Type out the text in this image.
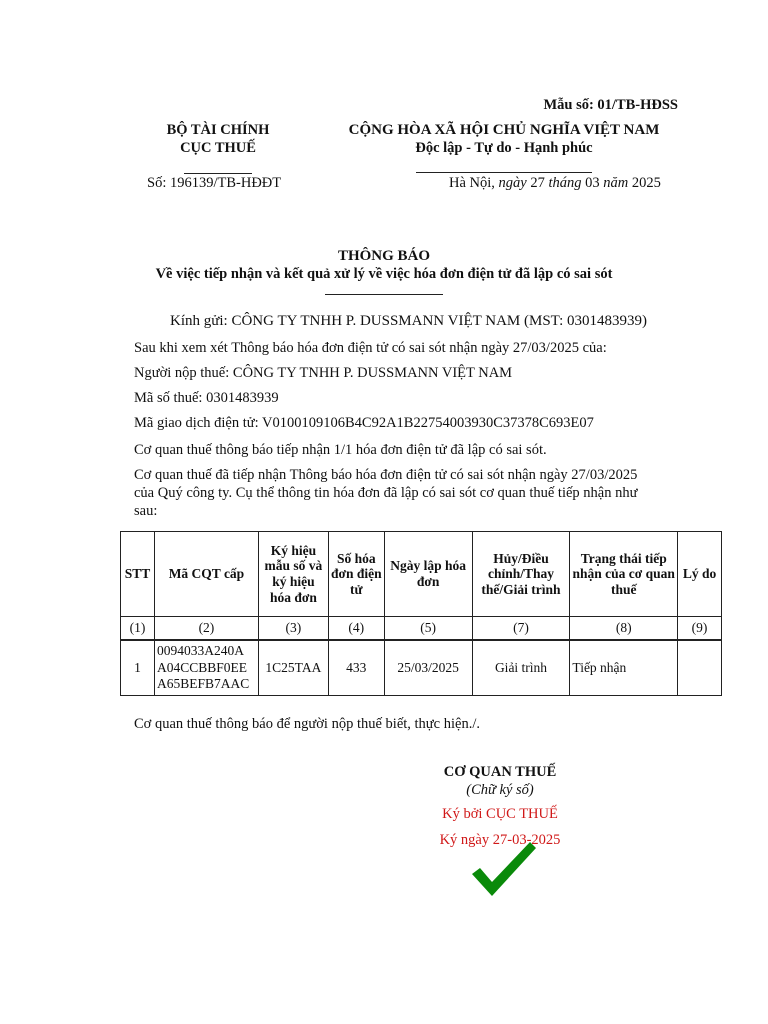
Mẫu số: 01/TB-HĐSS
BỘ TÀI CHÍNH
CỤC THUẾ
CỘNG HÒA XÃ HỘI CHỦ NGHĨA VIỆT NAM
Độc lập - Tự do - Hạnh phúc
Số: 196139/TB-HĐĐT	Hà Nội, ngày 27 tháng 03 năm 2025
THÔNG BÁO
Về việc tiếp nhận và kết quả xử lý về việc hóa đơn điện tử đã lập có sai sót
Kính gửi: CÔNG TY TNHH P. DUSSMANN VIỆT NAM (MST: 0301483939)
Sau khi xem xét Thông báo hóa đơn điện tử có sai sót nhận ngày 27/03/2025 của:
Người nộp thuế: CÔNG TY TNHH P. DUSSMANN VIỆT NAM
Mã số thuế: 0301483939
Mã giao dịch điện tử: V0100109106B4C92A1B22754003930C37378C693E07
Cơ quan thuế thông báo tiếp nhận 1/1 hóa đơn điện tử đã lập có sai sót.
Cơ quan thuế đã tiếp nhận Thông báo hóa đơn điện tử có sai sót nhận ngày 27/03/2025
của Quý công ty. Cụ thể thông tin hóa đơn đã lập có sai sót cơ quan thuế tiếp nhận như
sau:
STT	Mã CQT cấp	Ký hiệu mẫu số và ký hiệu hóa đơn	Số hóa đơn điện tử	Ngày lập hóa đơn	Hủy/Điều chỉnh/Thay thế/Giải trình	Trạng thái tiếp nhận của cơ quan thuế	Lý do
(1)	(2)	(3)	(4)	(5)	(7)	(8)	(9)
1	0094033A240A
A04CCBBF0EE
A65BEFB7AAC	1C25TAA	433	25/03/2025	Giải trình	Tiếp nhận	
Cơ quan thuế thông báo để người nộp thuế biết, thực hiện./.
CƠ QUAN THUẾ
(Chữ ký số)
Ký bởi CỤC THUẾ
Ký ngày 27-03-2025
